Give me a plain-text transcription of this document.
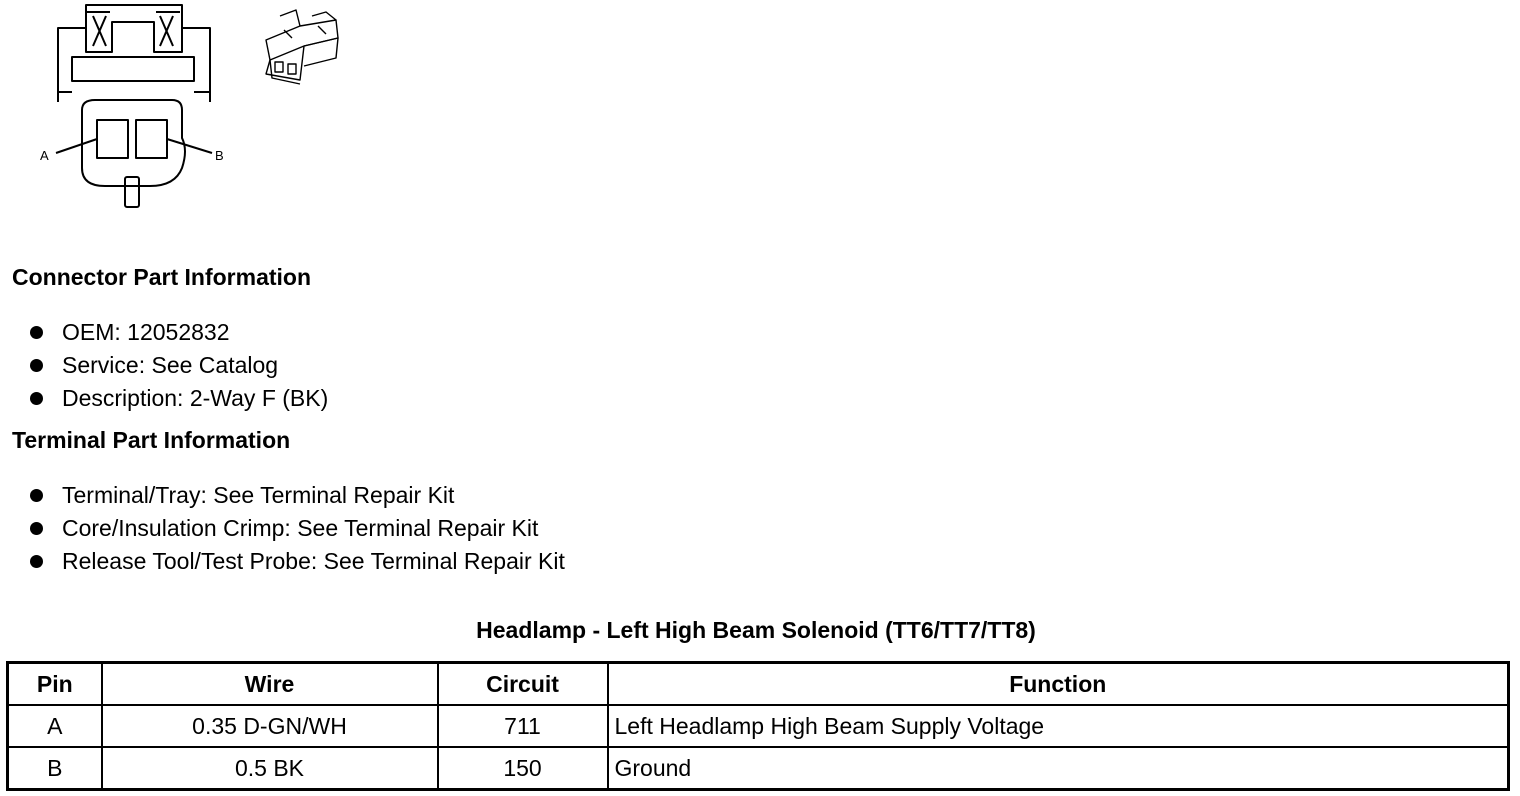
A	B
Connector Part Information
OEM: 12052832
Service: See Catalog
Description: 2-Way F (BK)
Terminal Part Information
Terminal/Tray: See Terminal Repair Kit
Core/Insulation Crimp: See Terminal Repair Kit
Release Tool/Test Probe: See Terminal Repair Kit
Headlamp - Left High Beam Solenoid (TT6/TT7/TT8)
Pin	Wire	Circuit	Function
A	0.35 D-GN/WH	711	Left Headlamp High Beam Supply Voltage
B	0.5 BK	150	Ground
